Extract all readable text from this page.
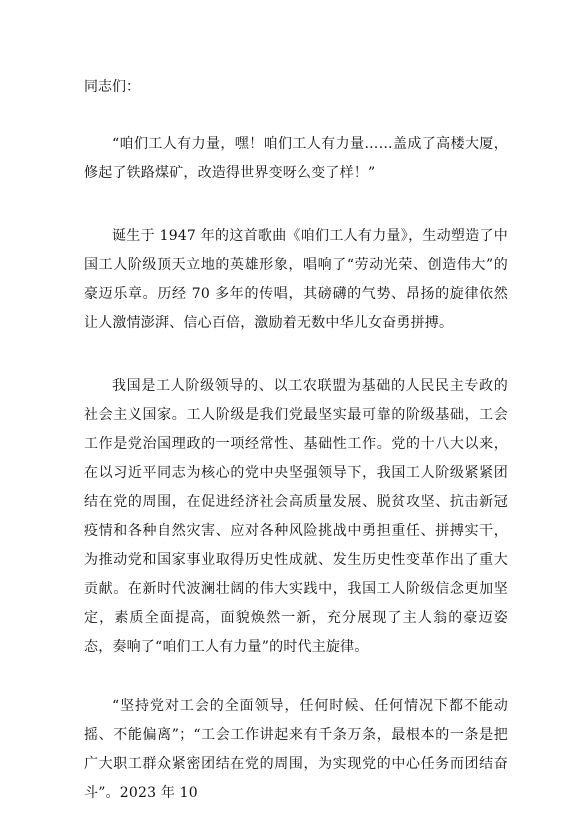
同志们：

“咱们工人有力量，嘿！咱们工人有力量……盖成了高楼大厦，修起了铁路煤矿，改造得世界变呀么变了样！”

诞生于 1947 年的这首歌曲《咱们工人有力量》，生动塑造了中国工人阶级顶天立地的英雄形象，唱响了“劳动光荣、创造伟大”的豪迈乐章。历经 70 多年的传唱，其磅礴的气势、昂扬的旋律依然让人激情澎湃、信心百倍，激励着无数中华儿女奋勇拼搏。

我国是工人阶级领导的、以工农联盟为基础的人民民主专政的社会主义国家。工人阶级是我们党最坚实最可靠的阶级基础，工会工作是党治国理政的一项经常性、基础性工作。党的十八大以来，在以习近平同志为核心的党中央坚强领导下，我国工人阶级紧紧团结在党的周围，在促进经济社会高质量发展、脱贫攻坚、抗击新冠疫情和各种自然灾害、应对各种风险挑战中勇担重任、拼搏实干，为推动党和国家事业取得历史性成就、发生历史性变革作出了重大贡献。在新时代波澜壮阔的伟大实践中，我国工人阶级信念更加坚定，素质全面提高，面貌焕然一新，充分展现了主人翁的豪迈姿态，奏响了“咱们工人有力量”的时代主旋律。

“坚持党对工会的全面领导，任何时候、任何情况下都不能动摇、不能偏离”；“工会工作讲起来有千条万条，最根本的一条是把广大职工群众紧密团结在党的周围，为实现党的中心任务而团结奋斗”。2023 年 10
